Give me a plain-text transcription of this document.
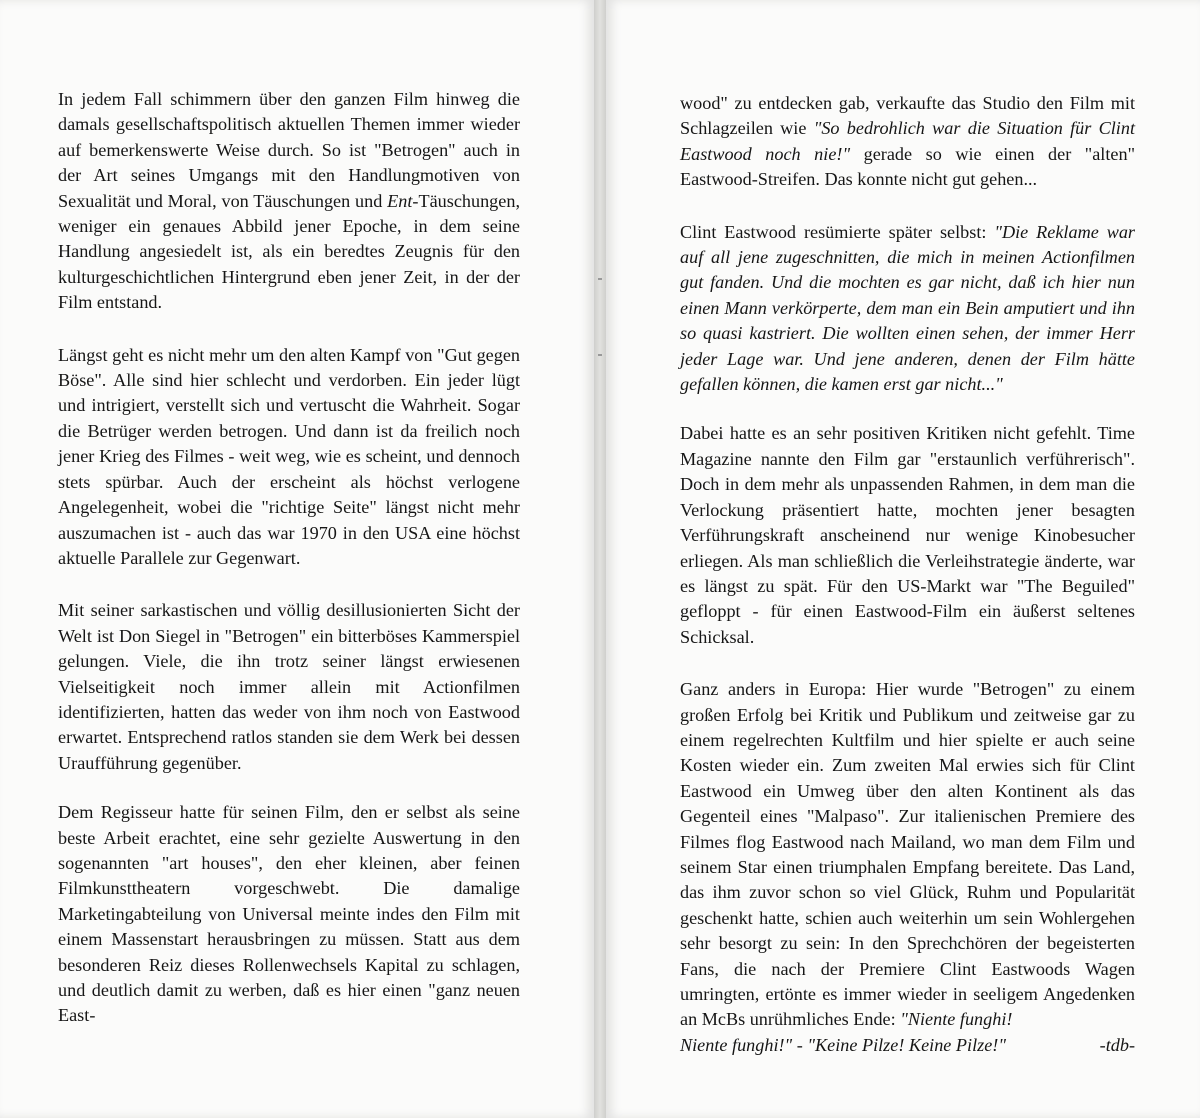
In jedem Fall schimmern über den ganzen Film hinweg die damals gesellschaftspolitisch aktuellen Themen immer wieder auf bemerkenswerte Weise durch. So ist "Betrogen" auch in der Art seines Umgangs mit den Handlungmotiven von Sexualität und Moral, von Täuschungen und Ent-Täuschungen, weniger ein genaues Abbild jener Epoche, in dem seine Handlung angesiedelt ist, als ein beredtes Zeugnis für den kulturgeschichtlichen Hintergrund eben jener Zeit, in der der Film entstand.

Längst geht es nicht mehr um den alten Kampf von "Gut gegen Böse". Alle sind hier schlecht und verdorben. Ein jeder lügt und intrigiert, verstellt sich und vertuscht die Wahrheit. Sogar die Betrüger werden betrogen. Und dann ist da freilich noch jener Krieg des Filmes - weit weg, wie es scheint, und dennoch stets spürbar. Auch der erscheint als höchst verlogene Angelegenheit, wobei die "richtige Seite" längst nicht mehr auszumachen ist - auch das war 1970 in den USA eine höchst aktuelle Parallele zur Gegenwart.

Mit seiner sarkastischen und völlig desillusionierten Sicht der Welt ist Don Siegel in "Betrogen" ein bitterböses Kammerspiel gelungen. Viele, die ihn trotz seiner längst erwiesenen Vielseitigkeit noch immer allein mit Actionfilmen identifizierten, hatten das weder von ihm noch von Eastwood erwartet. Entsprechend ratlos standen sie dem Werk bei dessen Uraufführung gegenüber.

Dem Regisseur hatte für seinen Film, den er selbst als seine beste Arbeit erachtet, eine sehr gezielte Auswertung in den sogenannten "art houses", den eher kleinen, aber feinen Filmkunsttheatern vorgeschwebt. Die damalige Marketingabteilung von Universal meinte indes den Film mit einem Massenstart herausbringen zu müssen. Statt aus dem besonderen Reiz dieses Rollenwechsels Kapital zu schlagen, und deutlich damit zu werben, daß es hier einen "ganz neuen East-

wood" zu entdecken gab, verkaufte das Studio den Film mit Schlagzeilen wie "So bedrohlich war die Situation für Clint Eastwood noch nie!" gerade so wie einen der "alten" Eastwood-Streifen. Das konnte nicht gut gehen...

Clint Eastwood resümierte später selbst: "Die Reklame war auf all jene zugeschnitten, die mich in meinen Actionfilmen gut fanden. Und die mochten es gar nicht, daß ich hier nun einen Mann verkörperte, dem man ein Bein amputiert und ihn so quasi kastriert. Die wollten einen sehen, der immer Herr jeder Lage war. Und jene anderen, denen der Film hätte gefallen können, die kamen erst gar nicht..."

Dabei hatte es an sehr positiven Kritiken nicht gefehlt. Time Magazine nannte den Film gar "erstaunlich verführerisch". Doch in dem mehr als unpassenden Rahmen, in dem man die Verlockung präsentiert hatte, mochten jener besagten Verführungskraft anscheinend nur wenige Kinobesucher erliegen. Als man schließlich die Verleihstrategie änderte, war es längst zu spät. Für den US-Markt war "The Beguiled" gefloppt - für einen Eastwood-Film ein äußerst seltenes Schicksal.

Ganz anders in Europa: Hier wurde "Betrogen" zu einem großen Erfolg bei Kritik und Publikum und zeitweise gar zu einem regelrechten Kultfilm und hier spielte er auch seine Kosten wieder ein. Zum zweiten Mal erwies sich für Clint Eastwood ein Umweg über den alten Kontinent als das Gegenteil eines "Malpaso". Zur italienischen Premiere des Filmes flog Eastwood nach Mailand, wo man dem Film und seinem Star einen triumphalen Empfang bereitete. Das Land, das ihm zuvor schon so viel Glück, Ruhm und Popularität geschenkt hatte, schien auch weiterhin um sein Wohlergehen sehr besorgt zu sein: In den Sprechchören der begeisterten Fans, die nach der Premiere Clint Eastwoods Wagen umringten, ertönte es immer wieder in seeligem Angedenken an McBs unrühmliches Ende: "Niente funghi!

Niente funghi!" - "Keine Pilze! Keine Pilze!"	-tdb-
